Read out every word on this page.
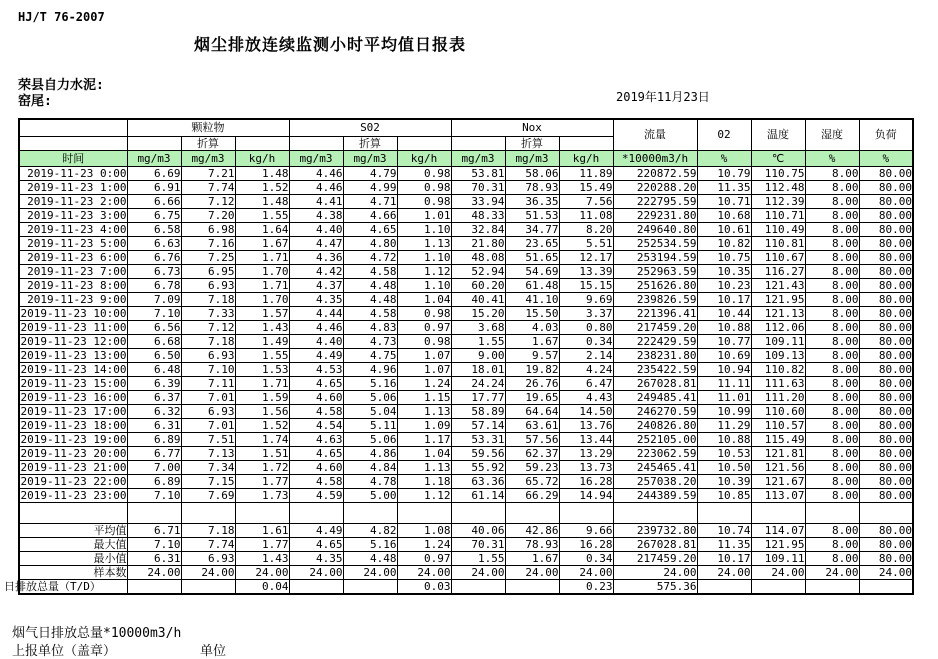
HJ/T 76-2007
烟尘排放连续监测小时平均值日报表
荣县自力水泥:
窑尾:	2019年11月23日
	颗粒物			S02			Nox			流量	02	温度	湿度	负荷
		折算			折算			折算						
时间	mg/m3	mg/m3	kg/h	mg/m3	mg/m3	kg/h	mg/m3	mg/m3	kg/h	*10000m3/h	%	℃	%	%
2019-11-23 0:00	6.69	7.21	1.48	4.46	4.79	0.98	53.81	58.06	11.89	220872.59	10.79	110.75	8.00	80.00
2019-11-23 1:00	6.91	7.74	1.52	4.46	4.99	0.98	70.31	78.93	15.49	220288.20	11.35	112.48	8.00	80.00
2019-11-23 2:00	6.66	7.12	1.48	4.41	4.71	0.98	33.94	36.35	7.56	222795.59	10.71	112.39	8.00	80.00
2019-11-23 3:00	6.75	7.20	1.55	4.38	4.66	1.01	48.33	51.53	11.08	229231.80	10.68	110.71	8.00	80.00
2019-11-23 4:00	6.58	6.98	1.64	4.40	4.65	1.10	32.84	34.77	8.20	249640.80	10.61	110.49	8.00	80.00
2019-11-23 5:00	6.63	7.16	1.67	4.47	4.80	1.13	21.80	23.65	5.51	252534.59	10.82	110.81	8.00	80.00
2019-11-23 6:00	6.76	7.25	1.71	4.36	4.72	1.10	48.08	51.65	12.17	253194.59	10.75	110.67	8.00	80.00
2019-11-23 7:00	6.73	6.95	1.70	4.42	4.58	1.12	52.94	54.69	13.39	252963.59	10.35	116.27	8.00	80.00
2019-11-23 8:00	6.78	6.93	1.71	4.37	4.48	1.10	60.20	61.48	15.15	251626.80	10.23	121.43	8.00	80.00
2019-11-23 9:00	7.09	7.18	1.70	4.35	4.48	1.04	40.41	41.10	9.69	239826.59	10.17	121.95	8.00	80.00
2019-11-23 10:00	7.10	7.33	1.57	4.44	4.58	0.98	15.20	15.50	3.37	221396.41	10.44	121.13	8.00	80.00
2019-11-23 11:00	6.56	7.12	1.43	4.46	4.83	0.97	3.68	4.03	0.80	217459.20	10.88	112.06	8.00	80.00
2019-11-23 12:00	6.68	7.18	1.49	4.40	4.73	0.98	1.55	1.67	0.34	222429.59	10.77	109.11	8.00	80.00
2019-11-23 13:00	6.50	6.93	1.55	4.49	4.75	1.07	9.00	9.57	2.14	238231.80	10.69	109.13	8.00	80.00
2019-11-23 14:00	6.48	7.10	1.53	4.53	4.96	1.07	18.01	19.82	4.24	235422.59	10.94	110.82	8.00	80.00
2019-11-23 15:00	6.39	7.11	1.71	4.65	5.16	1.24	24.24	26.76	6.47	267028.81	11.11	111.63	8.00	80.00
2019-11-23 16:00	6.37	7.01	1.59	4.60	5.06	1.15	17.77	19.65	4.43	249485.41	11.01	111.20	8.00	80.00
2019-11-23 17:00	6.32	6.93	1.56	4.58	5.04	1.13	58.89	64.64	14.50	246270.59	10.99	110.60	8.00	80.00
2019-11-23 18:00	6.31	7.01	1.52	4.54	5.11	1.09	57.14	63.61	13.76	240826.80	11.29	110.57	8.00	80.00
2019-11-23 19:00	6.89	7.51	1.74	4.63	5.06	1.17	53.31	57.56	13.44	252105.00	10.88	115.49	8.00	80.00
2019-11-23 20:00	6.77	7.13	1.51	4.65	4.86	1.04	59.56	62.37	13.29	223062.59	10.53	121.81	8.00	80.00
2019-11-23 21:00	7.00	7.34	1.72	4.60	4.84	1.13	55.92	59.23	13.73	245465.41	10.50	121.56	8.00	80.00
2019-11-23 22:00	6.89	7.15	1.77	4.58	4.78	1.18	63.36	65.72	16.28	257038.20	10.39	121.67	8.00	80.00
2019-11-23 23:00	7.10	7.69	1.73	4.59	5.00	1.12	61.14	66.29	14.94	244389.59	10.85	113.07	8.00	80.00

平均值	6.71	7.18	1.61	4.49	4.82	1.08	40.06	42.86	9.66	239732.80	10.74	114.07	8.00	80.00
最大值	7.10	7.74	1.77	4.65	5.16	1.24	70.31	78.93	16.28	267028.81	11.35	121.95	8.00	80.00
最小值	6.31	6.93	1.43	4.35	4.48	0.97	1.55	1.67	0.34	217459.20	10.17	109.11	8.00	80.00
样本数	24.00	24.00	24.00	24.00	24.00	24.00	24.00	24.00	24.00	24.00	24.00	24.00	24.00	24.00

日排放总量（T/D）			0.04			0.03			0.23	575.36				
烟气日排放总量*10000m3/h
上报单位（盖章）	单位
